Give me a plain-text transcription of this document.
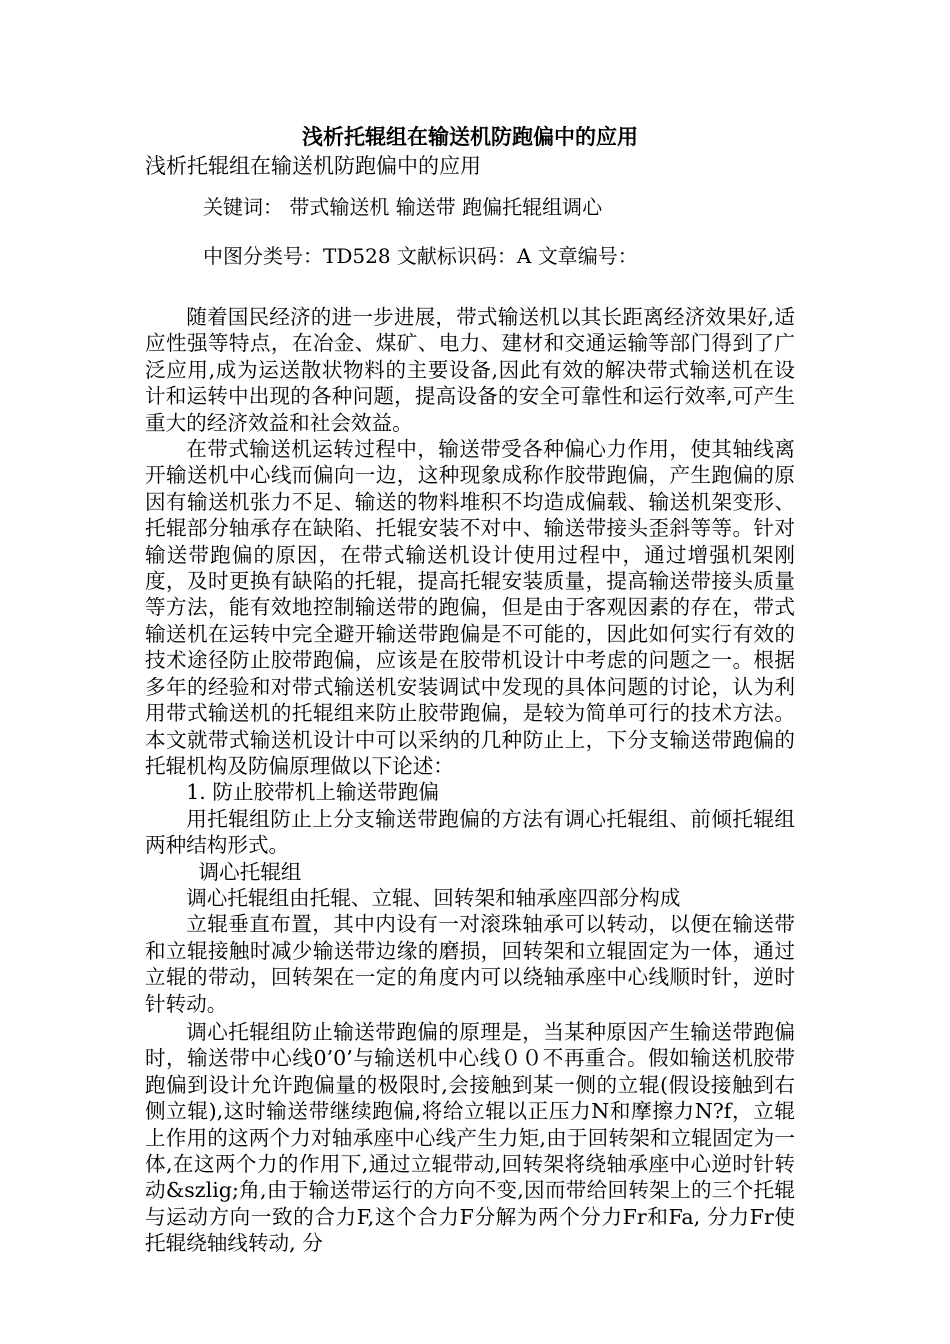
浅析托辊组在输送机防跑偏中的应用

浅析托辊组在输送机防跑偏中的应用

关键词： 带式输送机 输送带 跑偏托辊组调心
中图分类号：TD528 文献标识码：A 文章编号：

随着国民经济的进一步进展，带式输送机以其长距离经济效果好,适应性强等特点，在冶金、煤矿、电力、建材和交通运输等部门得到了广泛应用,成为运送散状物料的主要设备,因此有效的解决带式输送机在设计和运转中出现的各种问题，提高设备的安全可靠性和运行效率,可产生重大的经济效益和社会效益。

在带式输送机运转过程中，输送带受各种偏心力作用，使其轴线离开输送机中心线而偏向一边，这种现象成称作胶带跑偏，产生跑偏的原因有输送机张力不足、输送的物料堆积不均造成偏载、输送机架变形、托辊部分轴承存在缺陷、托辊安装不对中、输送带接头歪斜等等。针对输送带跑偏的原因，在带式输送机设计使用过程中，通过增强机架刚度，及时更换有缺陷的托辊，提高托辊安装质量，提高输送带接头质量等方法，能有效地控制输送带的跑偏，但是由于客观因素的存在，带式输送机在运转中完全避开输送带跑偏是不可能的，因此如何实行有效的技术途径防止胶带跑偏，应该是在胶带机设计中考虑的问题之一。根据多年的经验和对带式输送机安装调试中发现的具体问题的讨论，认为利用带式输送机的托辊组来防止胶带跑偏，是较为简单可行的技术方法。本文就带式输送机设计中可以采纳的几种防止上，下分支输送带跑偏的托辊机构及防偏原理做以下论述：

1. 防止胶带机上输送带跑偏

用托辊组防止上分支输送带跑偏的方法有调心托辊组、前倾托辊组两种结构形式。

调心托辊组

调心托辊组由托辊、立辊、回转架和轴承座四部分构成

立辊垂直布置，其中内设有一对滚珠轴承可以转动，以便在输送带和立辊接触时减少输送带边缘的磨损，回转架和立辊固定为一体，通过立辊的带动，回转架在一定的角度内可以绕轴承座中心线顺时针，逆时针转动。

调心托辊组防止输送带跑偏的原理是，当某种原因产生输送带跑偏时，输送带中心线0’0’与输送机中心线００不再重合。假如输送机胶带跑偏到设计允许跑偏量的极限时,会接触到某一侧的立辊(假设接触到右侧立辊),这时输送带继续跑偏,将给立辊以正压力N和摩擦力N?f，立辊上作用的这两个力对轴承座中心线产生力矩,由于回转架和立辊固定为一体,在这两个力的作用下,通过立辊带动,回转架将绕轴承座中心逆时针转动&szlig;角,由于输送带运行的方向不变,因而带给回转架上的三个托辊与运动方向一致的合力F,这个合力F分解为两个分力Fr和Fa, 分力Fr使托辊绕轴线转动, 分
